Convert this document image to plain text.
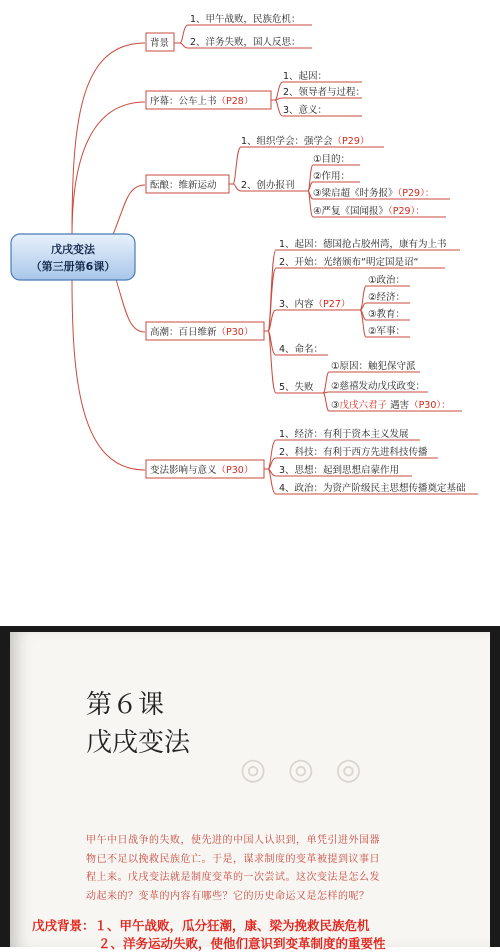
戊戌变法
（第三册第6课）
背景
1、甲午战败，民族危机：
2、洋务失败，国人反思：
序幕：公车上书（P28）
1、起因：
2、领导者与过程：
3、意义：
酝酿：维新运动
1、组织学会：强学会（P29）
2、创办报刊
①目的：
②作用：
③梁启超《时务报》（P29）：
④严复《国闻报》（P29）：
高潮：百日维新（P30）
1、起因：德国抢占胶州湾，康有为上书
2、开始：光绪颁布“明定国是诏“
3、内容（P27）
4、命名：
5、失败
①政治：
②经济：
③教育：
②军事：
①原因：触犯保守派
②慈禧发动戊戌政变：
③戊戌六君子 遇害（P30）：
变法影响与意义（P30）
1、经济：有利于资本主义发展
2、科技：有利于西方先进科技传播
3、思想：起到思想启蒙作用
4、政治：为资产阶级民主思想传播奠定基础
◎ ◎ ◎
第６课
戊戌变法
甲午中日战争的失败，使先进的中国人认识到，单凭引进外国器物已不足以挽救民族危亡。于是，谋求制度的变革被提到议事日程上来。戊戌变法就是制度变革的一次尝试。这次变法是怎么发动起来的？变革的内容有哪些？它的历史命运又是怎样的呢？
戊戌背景：１、甲午战败，瓜分狂潮，康、梁为挽救民族危机
２、洋务运动失败，使他们意识到变革制度的重要性
